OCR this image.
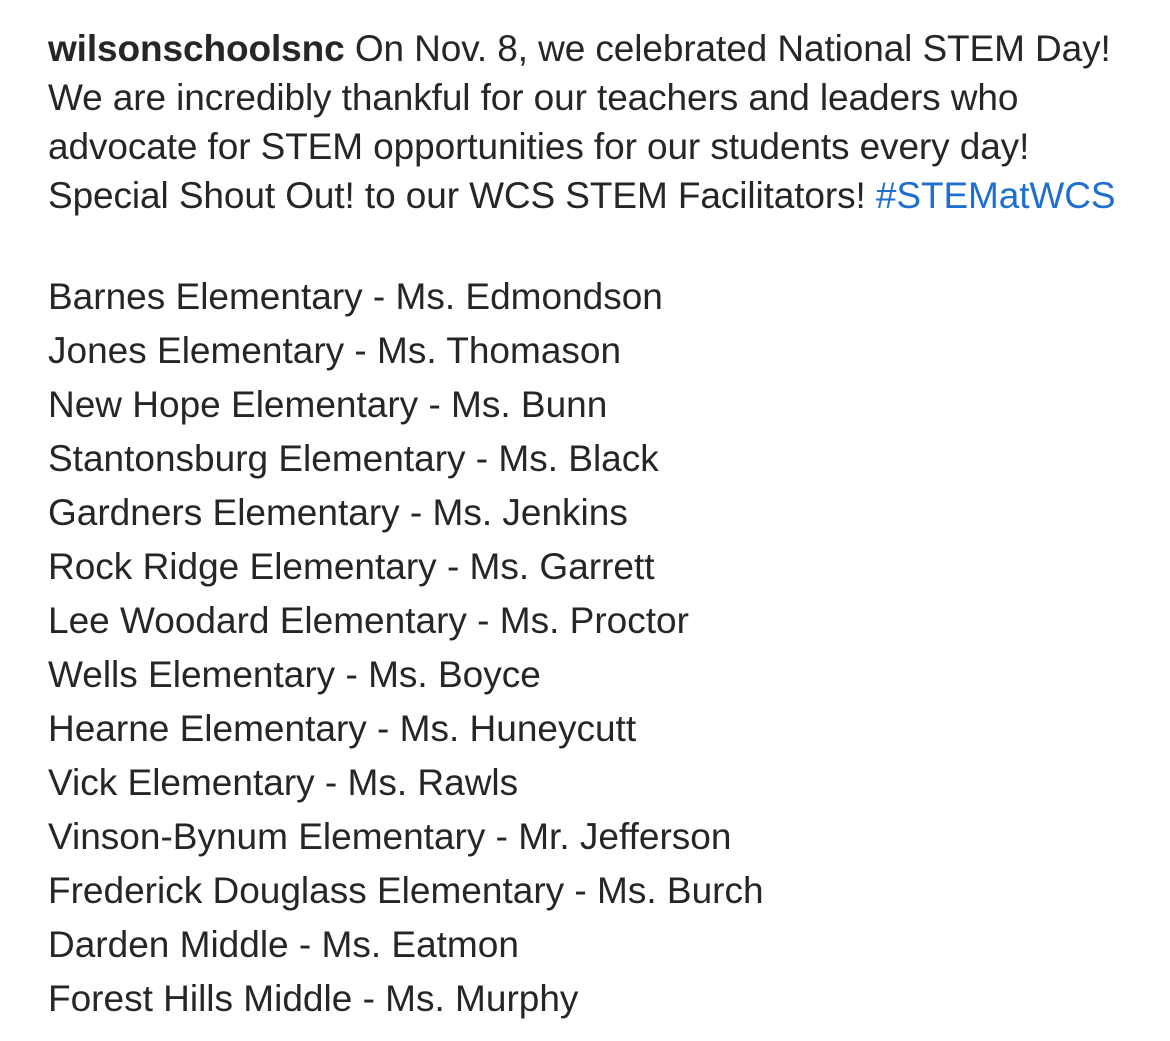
wilsonschoolsnc On Nov. 8, we celebrated National STEM Day! We are incredibly thankful for our teachers and leaders who advocate for STEM opportunities for our students every day! Special Shout Out! to our WCS STEM Facilitators! #STEMatWCS
Barnes Elementary - Ms. Edmondson
Jones Elementary - Ms. Thomason
New Hope Elementary - Ms. Bunn
Stantonsburg Elementary - Ms. Black
Gardners Elementary - Ms. Jenkins
Rock Ridge Elementary - Ms. Garrett
Lee Woodard Elementary - Ms. Proctor
Wells Elementary - Ms. Boyce
Hearne Elementary - Ms. Huneycutt
Vick Elementary - Ms. Rawls
Vinson-Bynum Elementary - Mr. Jefferson
Frederick Douglass Elementary - Ms. Burch
Darden Middle - Ms. Eatmon
Forest Hills Middle - Ms. Murphy
